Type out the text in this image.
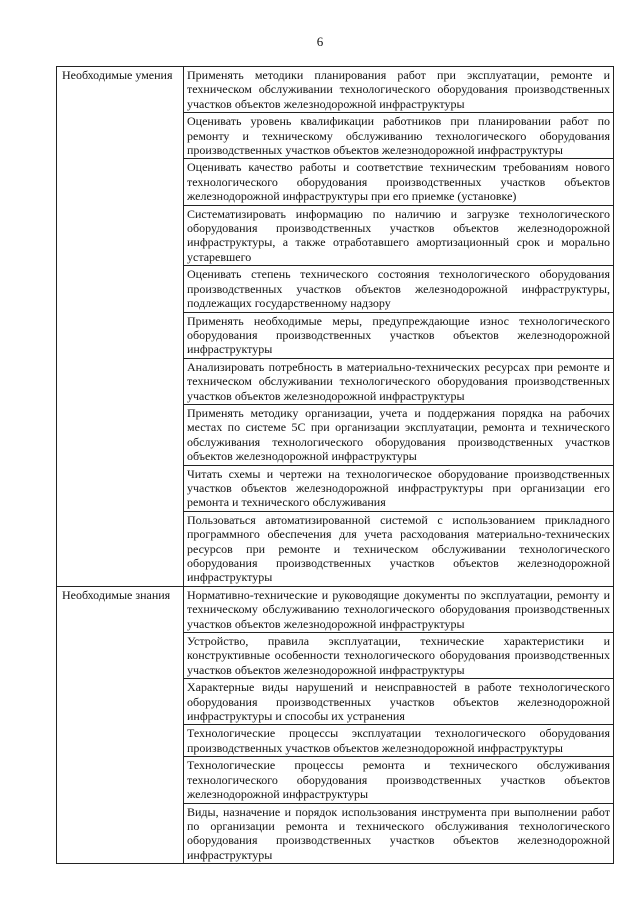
6
Необходимые умения	Применять методики планирования работ при эксплуатации, ремонте и техническом обслуживании технологического оборудования производственных участков объектов железнодорожной инфраструктуры
	Оценивать уровень квалификации работников при планировании работ по ремонту и техническому обслуживанию технологического оборудования производственных участков объектов железнодорожной инфраструктуры
	Оценивать качество работы и соответствие техническим требованиям нового технологического оборудования производственных участков объектов железнодорожной инфраструктуры при его приемке (установке)
	Систематизировать информацию по наличию и загрузке технологического оборудования производственных участков объектов железнодорожной инфраструктуры, а также отработавшего амортизационный срок и морально устаревшего
	Оценивать степень технического состояния технологического оборудования производственных участков объектов железнодорожной инфраструктуры, подлежащих государственному надзору
	Применять необходимые меры, предупреждающие износ технологического оборудования производственных участков объектов железнодорожной инфраструктуры
	Анализировать потребность в материально-технических ресурсах при ремонте и техническом обслуживании технологического оборудования производственных участков объектов железнодорожной инфраструктуры
	Применять методику организации, учета и поддержания порядка на рабочих местах по системе 5С при организации эксплуатации, ремонта и технического обслуживания технологического оборудования производственных участков объектов железнодорожной инфраструктуры
	Читать схемы и чертежи на технологическое оборудование производственных участков объектов железнодорожной инфраструктуры при организации его ремонта и технического обслуживания
	Пользоваться автоматизированной системой с использованием прикладного программного обеспечения для учета расходования материально-технических ресурсов при ремонте и техническом обслуживании технологического оборудования производственных участков объектов железнодорожной инфраструктуры
Необходимые знания	Нормативно-технические и руководящие документы по эксплуатации, ремонту и техническому обслуживанию технологического оборудования производственных участков объектов железнодорожной инфраструктуры
	Устройство, правила эксплуатации, технические характеристики и конструктивные особенности технологического оборудования производственных участков объектов железнодорожной инфраструктуры
	Характерные виды нарушений и неисправностей в работе технологического оборудования производственных участков объектов железнодорожной инфраструктуры и способы их устранения
	Технологические процессы эксплуатации технологического оборудования производственных участков объектов железнодорожной инфраструктуры
	Технологические процессы ремонта и технического обслуживания технологического оборудования производственных участков объектов железнодорожной инфраструктуры
	Виды, назначение и порядок использования инструмента при выполнении работ по организации ремонта и технического обслуживания технологического оборудования производственных участков объектов железнодорожной инфраструктуры
